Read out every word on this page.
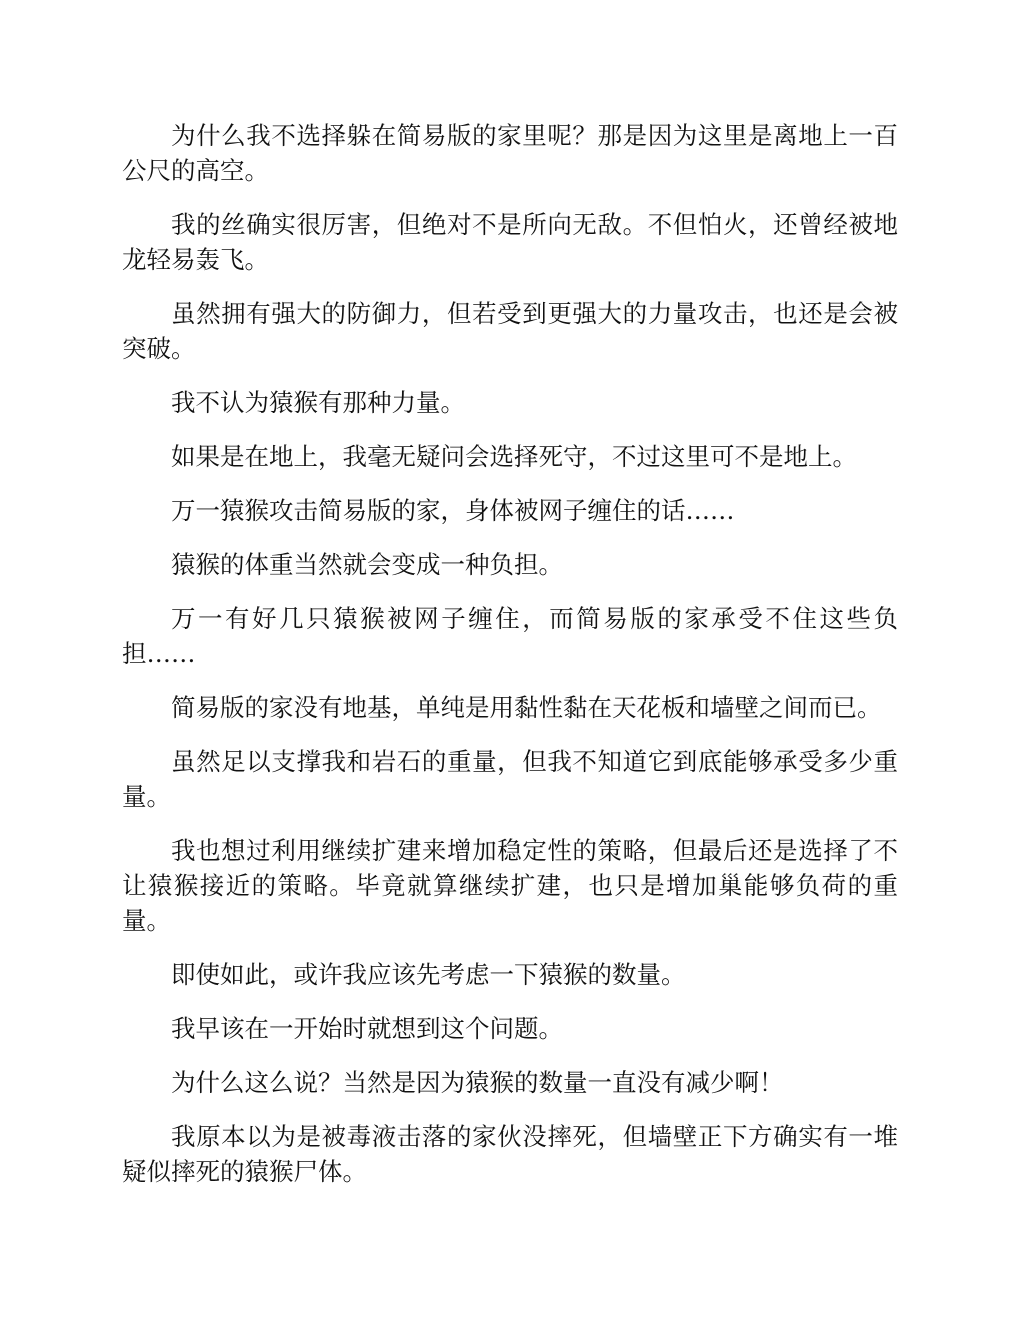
为什么我不选择躲在简易版的家里呢？那是因为这里是离地上一百公尺的高空。

我的丝确实很厉害，但绝对不是所向无敌。不但怕火，还曾经被地龙轻易轰飞。

虽然拥有强大的防御力，但若受到更强大的力量攻击，也还是会被突破。

我不认为猿猴有那种力量。

如果是在地上，我毫无疑问会选择死守，不过这里可不是地上。

万一猿猴攻击简易版的家，身体被网子缠住的话……

猿猴的体重当然就会变成一种负担。

万一有好几只猿猴被网子缠住，而简易版的家承受不住这些负担……

简易版的家没有地基，单纯是用黏性黏在天花板和墙壁之间而已。

虽然足以支撑我和岩石的重量，但我不知道它到底能够承受多少重量。

我也想过利用继续扩建来增加稳定性的策略，但最后还是选择了不让猿猴接近的策略。毕竟就算继续扩建，也只是增加巢能够负荷的重量。

即使如此，或许我应该先考虑一下猿猴的数量。

我早该在一开始时就想到这个问题。

为什么这么说？当然是因为猿猴的数量一直没有减少啊！

我原本以为是被毒液击落的家伙没摔死，但墙壁正下方确实有一堆疑似摔死的猿猴尸体。
